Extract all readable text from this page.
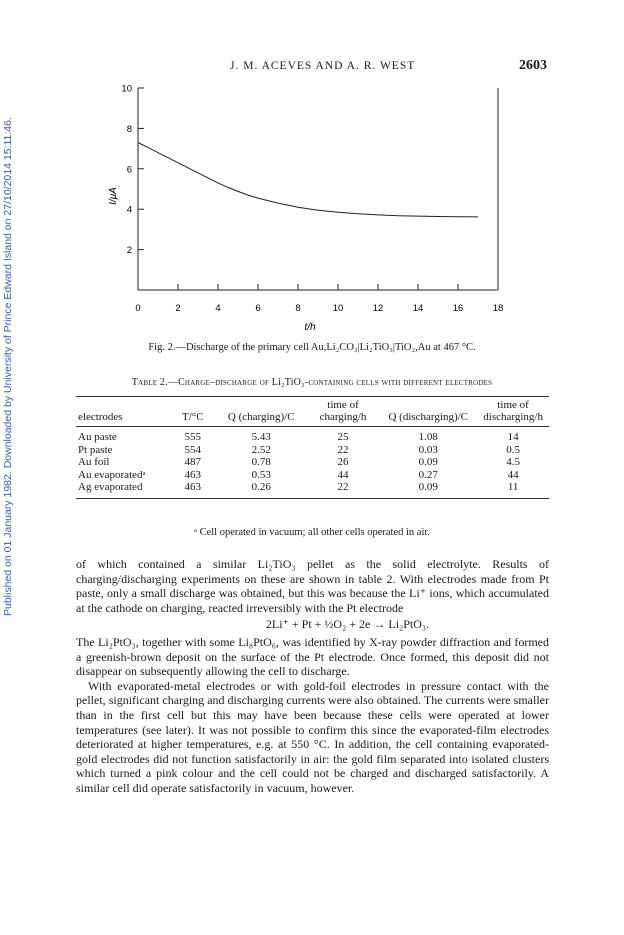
Published on 01 January 1982. Downloaded by University of Prince Edward Island on 27/10/2014 15:11:46.
J. M. ACEVES AND A. R. WEST	2603
2
4
6
8
10
0	2	4	6	8	10	12	14	16	18
I/μA
t/h
Fig. 2.—Discharge of the primary cell Au,Li₂CO₃|Li₂TiO₃|TiO₂,Au at 467 °C.
Table 2.—Charge–discharge of Li₂TiO₃-containing cells with different electrodes
electrodes	T/°C	Q (charging)/C	time of charging/h	Q (discharging)/C	time of discharging/h
Au paste	555	5.43	25	1.08	14
Pt paste	554	2.52	22	0.03	0.5
Au foil	487	0.78	26	0.09	4.5
Au evaporatedᵃ	463	0.53	44	0.27	44
Ag evaporated	463	0.26	22	0.09	11
ᵃ Cell operated in vacuum; all other cells operated in air.

of which contained a similar Li₂TiO₃ pellet as the solid electrolyte. Results of charging/discharging experiments on these are shown in table 2. With electrodes made from Pt paste, only a small discharge was obtained, but this was because the Li⁺ ions, which accumulated at the cathode on charging, reacted irreversibly with the Pt electrode

2Li⁺ + Pt + ½O₂ + 2e → Li₂PtO₃.

The Li₂PtO₃, together with some Li₈PtO₆, was identified by X-ray powder diffraction and formed a greenish-brown deposit on the surface of the Pt electrode. Once formed, this deposit did not disappear on subsequently allowing the cell to discharge.

With evaporated-metal electrodes or with gold-foil electrodes in pressure contact with the pellet, significant charging and discharging currents were also obtained. The currents were smaller than in the first cell but this may have been because these cells were operated at lower temperatures (see later). It was not possible to confirm this since the evaporated-film electrodes deteriorated at higher temperatures, e.g. at 550 °C. In addition, the cell containing evaporated-gold electrodes did not function satisfactorily in air: the gold film separated into isolated clusters which turned a pink colour and the cell could not be charged and discharged satisfactorily. A similar cell did operate satisfactorily in vacuum, however.
